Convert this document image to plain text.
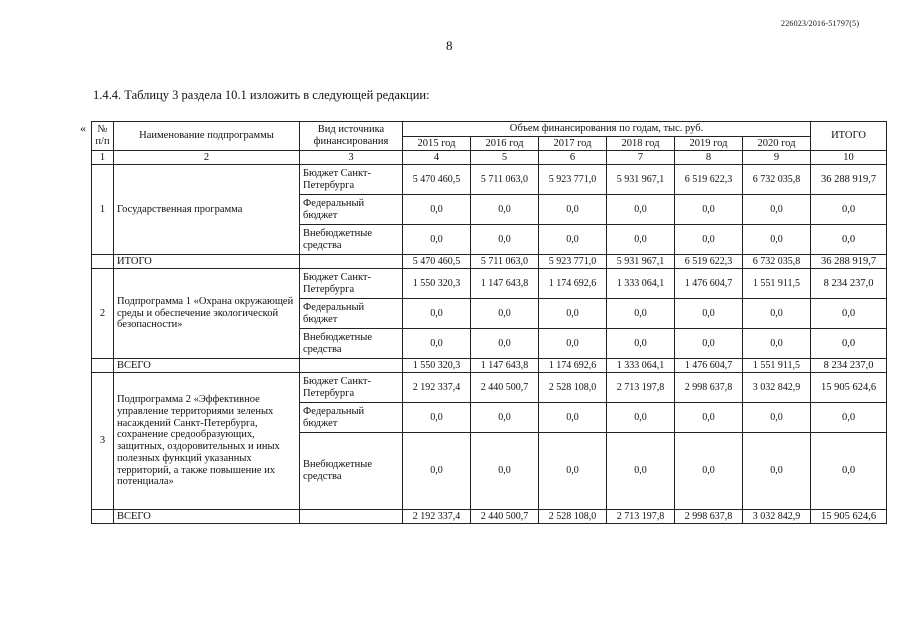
226023/2016-51797(5)
8
1.4.4. Таблицу 3 раздела 10.1 изложить в следующей редакции:
« № п/п	Наименование подпрограммы	Вид источника финансирования	Объем финансирования по годам, тыс. руб.						ИТОГО
			2015 год	2016 год	2017 год	2018 год	2019 год	2020 год	
1	2	3	4	5	6	7	8	9	10
1	Государственная программа	Бюджет Санкт-Петербурга	5 470 460,5	5 711 063,0	5 923 771,0	5 931 967,1	6 519 622,3	6 732 035,8	36 288 919,7
		Федеральный бюджет	0,0	0,0	0,0	0,0	0,0	0,0	0,0
		Внебюджетные средства	0,0	0,0	0,0	0,0	0,0	0,0	0,0
	ИТОГО		5 470 460,5	5 711 063,0	5 923 771,0	5 931 967,1	6 519 622,3	6 732 035,8	36 288 919,7
2	Подпрограмма 1 «Охрана окружающей среды и обеспечение экологической безопасности»	Бюджет Санкт-Петербурга	1 550 320,3	1 147 643,8	1 174 692,6	1 333 064,1	1 476 604,7	1 551 911,5	8 234 237,0
		Федеральный бюджет	0,0	0,0	0,0	0,0	0,0	0,0	0,0
		Внебюджетные средства	0,0	0,0	0,0	0,0	0,0	0,0	0,0
	ВСЕГО		1 550 320,3	1 147 643,8	1 174 692,6	1 333 064,1	1 476 604,7	1 551 911,5	8 234 237,0
3	Подпрограмма 2 «Эффективное управление территориями зеленых насаждений Санкт-Петербурга, сохранение средообразующих, защитных, оздоровительных и иных полезных функций указанных территорий, а также повышение их потенциала»	Бюджет Санкт-Петербурга	2 192 337,4	2 440 500,7	2 528 108,0	2 713 197,8	2 998 637,8	3 032 842,9	15 905 624,6
		Федеральный бюджет	0,0	0,0	0,0	0,0	0,0	0,0	0,0
		Внебюджетные средства	0,0	0,0	0,0	0,0	0,0	0,0	0,0
	ВСЕГО		2 192 337,4	2 440 500,7	2 528 108,0	2 713 197,8	2 998 637,8	3 032 842,9	15 905 624,6
